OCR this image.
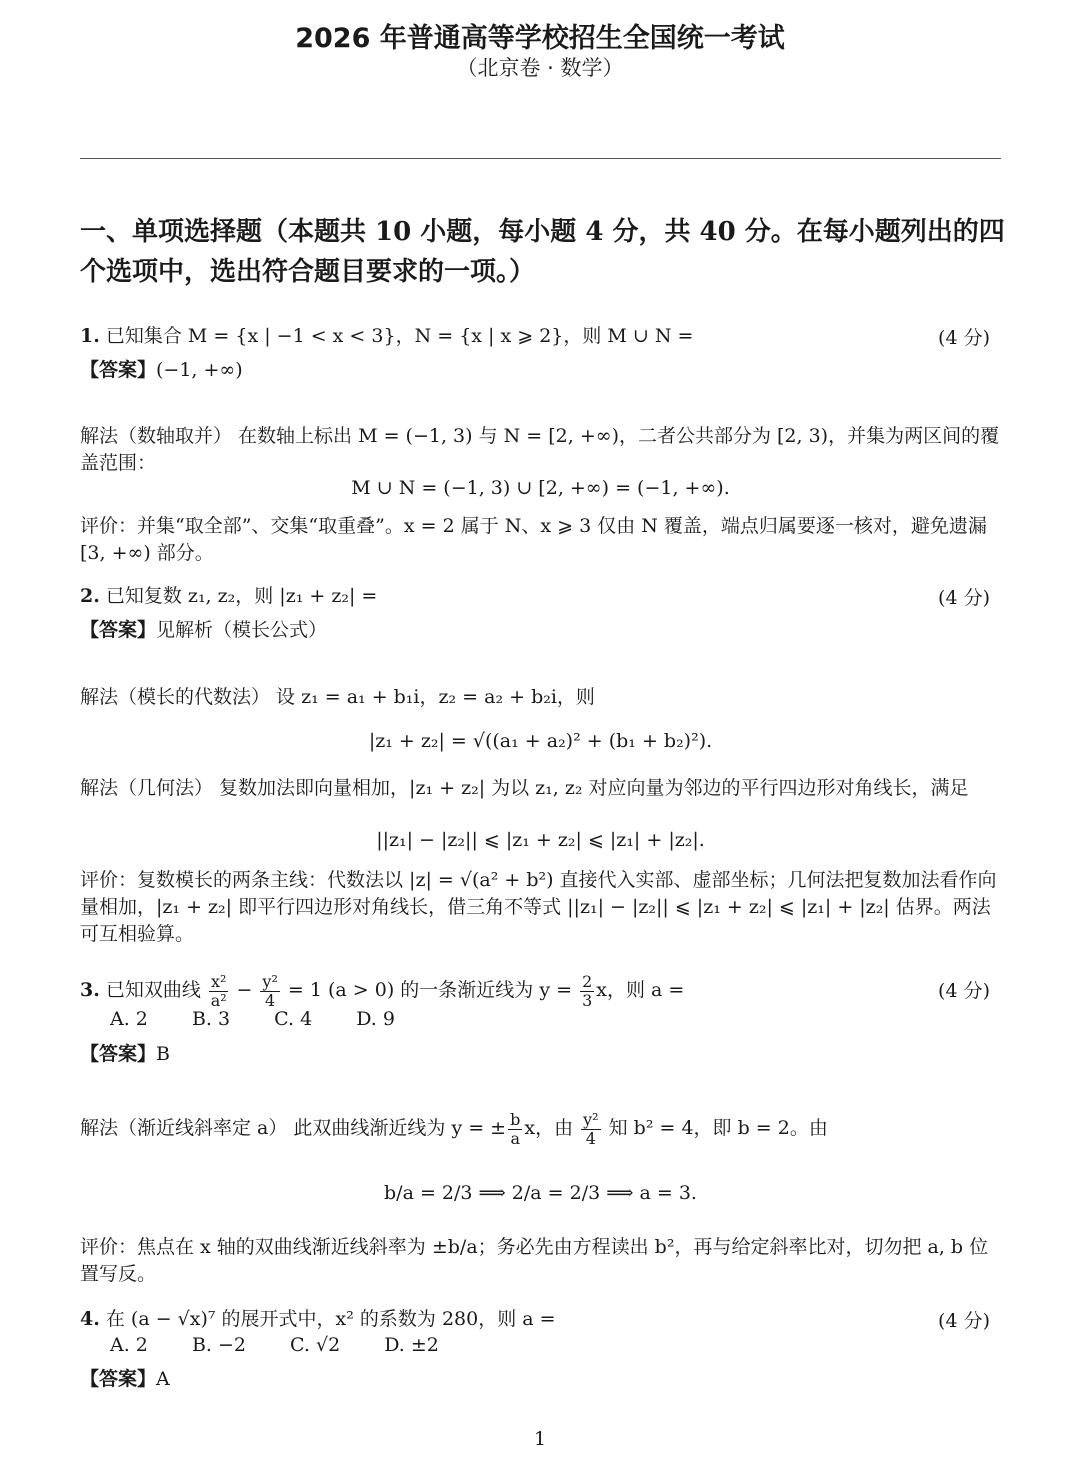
2026 年普通高等学校招生全国统一考试
（北京卷 · 数学）
一、单项选择题（本题共 10 小题，每小题 4 分，共 40 分。在每小题列出的四个选项中，选出符合题目要求的一项。）
1. 已知集合 M = {x | −1 < x < 3}，N = {x | x ⩾ 2}，则 M ∪ N =	(4 分)
【答案】(−1, +∞)
解法（数轴取并） 在数轴上标出 M = (−1, 3) 与 N = [2, +∞)，二者公共部分为 [2, 3)，并集为两区间的覆盖范围：
M ∪ N = (−1, 3) ∪ [2, +∞) = (−1, +∞).
评价：并集“取全部”、交集“取重叠”。x = 2 属于 N、x ⩾ 3 仅由 N 覆盖，端点归属要逐一核对，避免遗漏 [3, +∞) 部分。
2. 已知复数 z₁, z₂，则 |z₁ + z₂| =	(4 分)
【答案】见解析（模长公式）
解法（模长的代数法） 设 z₁ = a₁ + b₁i，z₂ = a₂ + b₂i，则
|z₁ + z₂| = √((a₁ + a₂)² + (b₁ + b₂)²).
解法（几何法） 复数加法即向量相加，|z₁ + z₂| 为以 z₁, z₂ 对应向量为邻边的平行四边形对角线长，满足
||z₁| − |z₂|| ⩽ |z₁ + z₂| ⩽ |z₁| + |z₂|.
评价：复数模长的两条主线：代数法以 |z| = √(a² + b²) 直接代入实部、虚部坐标；几何法把复数加法看作向量相加，|z₁ + z₂| 即平行四边形对角线长，借三角不等式 ||z₁| − |z₂|| ⩽ |z₁ + z₂| ⩽ |z₁| + |z₂| 估界。两法可互相验算。
3. 已知双曲线 $\frac{\text{x²}}{\text{a²}} - \frac{\text{y²}}{4} = 1$ (a > 0) 的一条渐近线为 $y = \frac{2}{3}$ x，则 a =	(4 分)
A. 2 B. 3 C. 4 D. 9
【答案】B
解法（渐近线斜率定 a） 此双曲线渐近线为 y = ± $\frac{b}{a}$ x，由 $\frac{\text{y²}}{4}$ 知 b² = 4，即 b = 2。由
b/a = 2/3 ⟹ 2/a = 2/3 ⟹ a = 3.
评价：焦点在 x 轴的双曲线渐近线斜率为 ±b/a；务必先由方程读出 b²，再与给定斜率比对，切勿把 a, b 位置写反。
4. 在 (a − √x)⁷ 的展开式中，x² 的系数为 280，则 a =	(4 分)
A. 2 B. −2 C. √2 D. ±2
【答案】A
1
